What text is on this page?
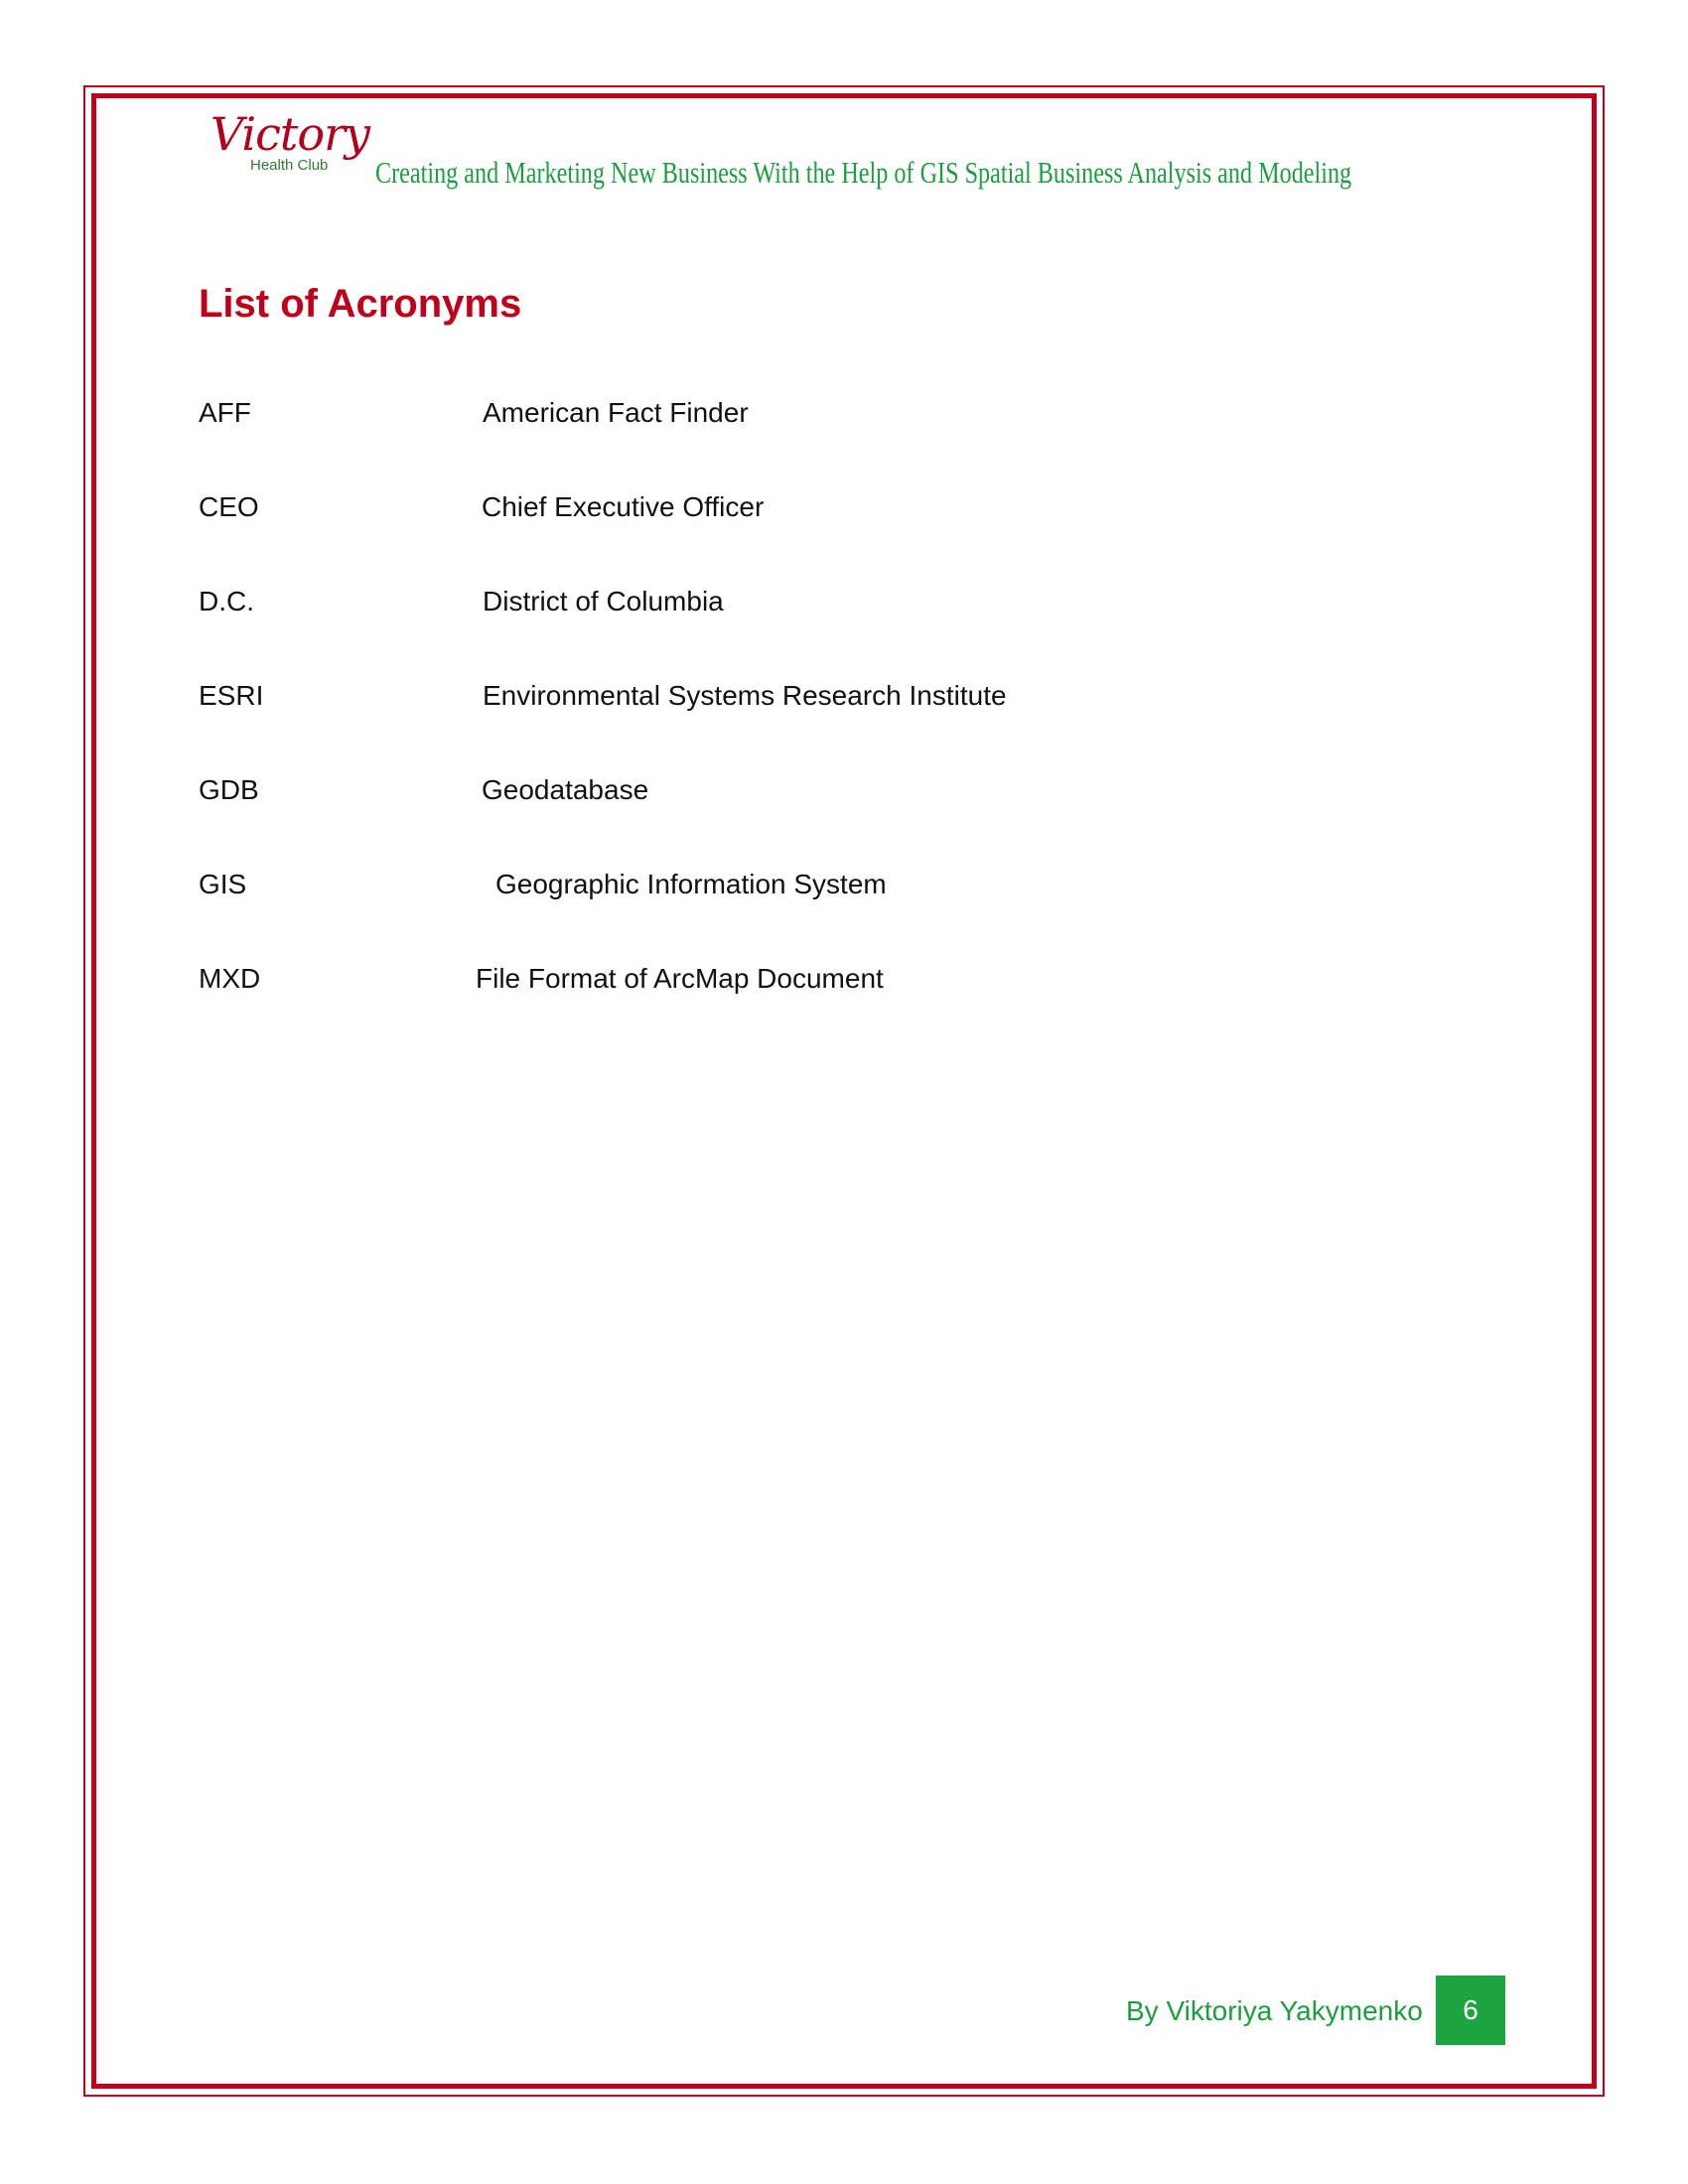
Victory
Health Club Creating and Marketing New Business With the Help of GIS Spatial Business Analysis and Modeling
List of Acronyms
AFF	American Fact Finder
CEO	Chief Executive Officer
D.C.	District of Columbia
ESRI	Environmental Systems Research Institute
GDB	Geodatabase
GIS	Geographic Information System
MXD	File Format of ArcMap Document
By Viktoriya Yakymenko 6
